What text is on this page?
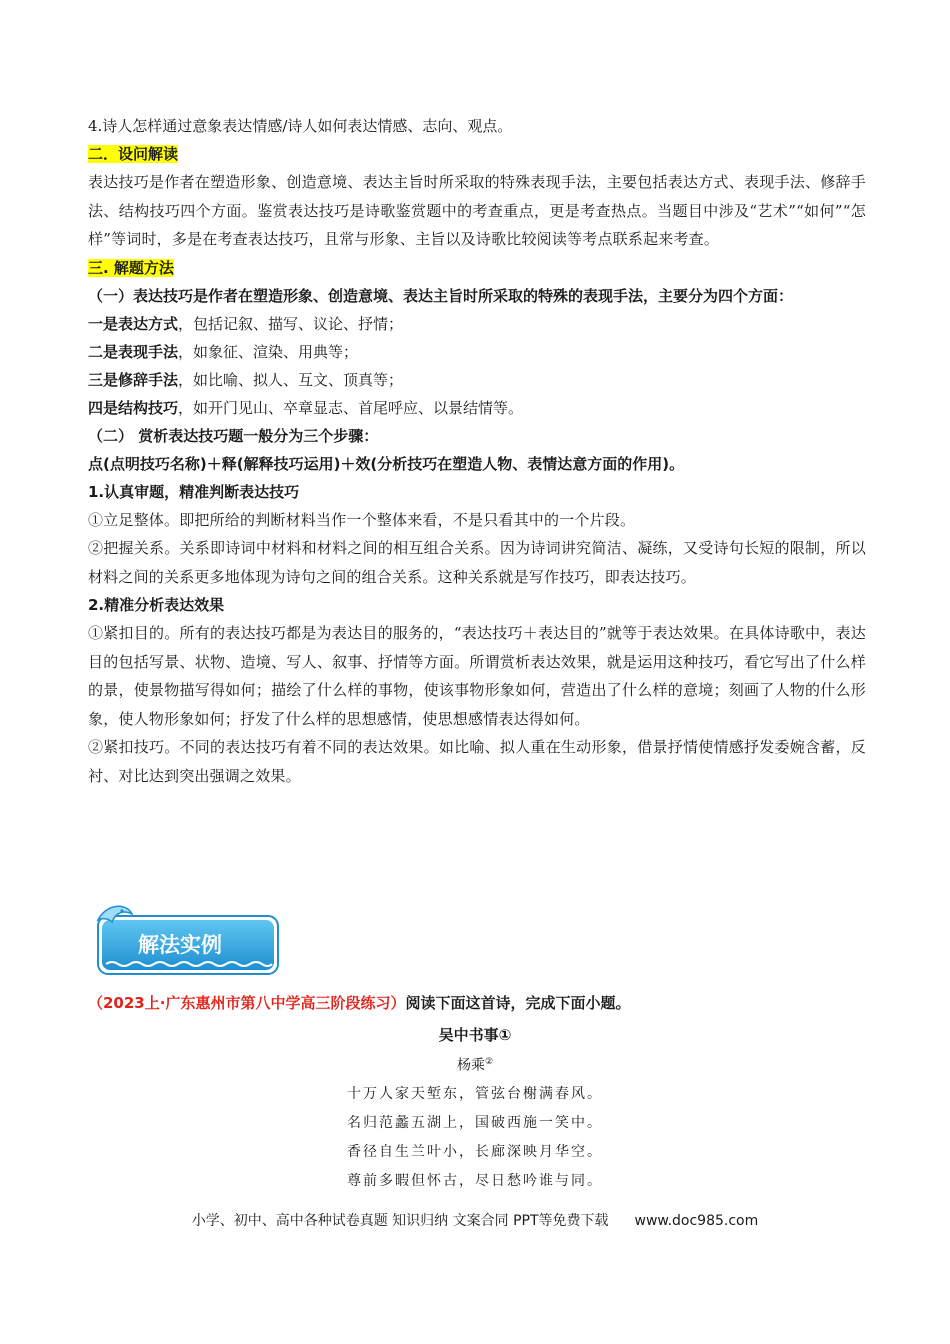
4.诗人怎样通过意象表达情感/诗人如何表达情感、志向、观点。
二．设问解读
表达技巧是作者在塑造形象、创造意境、表达主旨时所采取的特殊表现手法，主要包括表达方式、表现手法、修辞手法、结构技巧四个方面。鉴赏表达技巧是诗歌鉴赏题中的考查重点，更是考查热点。当题目中涉及“艺术”“如何”“怎样”等词时，多是在考查表达技巧，且常与形象、主旨以及诗歌比较阅读等考点联系起来考查。
三. 解题方法
（一）表达技巧是作者在塑造形象、创造意境、表达主旨时所采取的特殊的表现手法，主要分为四个方面：
一是表达方式，包括记叙、描写、议论、抒情；
二是表现手法，如象征、渲染、用典等；
三是修辞手法，如比喻、拟人、互文、顶真等；
四是结构技巧，如开门见山、卒章显志、首尾呼应、以景结情等。
（二） 赏析表达技巧题一般分为三个步骤：
点(点明技巧名称)＋释(解释技巧运用)＋效(分析技巧在塑造人物、表情达意方面的作用)。
1.认真审题，精准判断表达技巧
①立足整体。即把所给的判断材料当作一个整体来看，不是只看其中的一个片段。
②把握关系。关系即诗词中材料和材料之间的相互组合关系。因为诗词讲究简洁、凝练，又受诗句长短的限制，所以材料之间的关系更多地体现为诗句之间的组合关系。这种关系就是写作技巧，即表达技巧。
2.精准分析表达效果
①紧扣目的。所有的表达技巧都是为表达目的服务的，“表达技巧＋表达目的”就等于表达效果。在具体诗歌中，表达目的包括写景、状物、造境、写人、叙事、抒情等方面。所谓赏析表达效果，就是运用这种技巧，看它写出了什么样的景，使景物描写得如何；描绘了什么样的事物，使该事物形象如何，营造出了什么样的意境；刻画了人物的什么形象，使人物形象如何；抒发了什么样的思想感情，使思想感情表达得如何。
②紧扣技巧。不同的表达技巧有着不同的表达效果。如比喻、拟人重在生动形象，借景抒情使情感抒发委婉含蓄，反衬、对比达到突出强调之效果。
解法实例
（2023上·广东惠州市第八中学高三阶段练习）阅读下面这首诗，完成下面小题。
吴中书事①
杨乘②
十万人家天堑东，管弦台榭满春风。
名归范蠡五湖上，国破西施一笑中。
香径自生兰叶小，长廊深映月华空。
尊前多暇但怀古，尽日愁吟谁与同。
小学、初中、高中各种试卷真题 知识归纳 文案合同 PPT等免费下载 www.doc985.com
